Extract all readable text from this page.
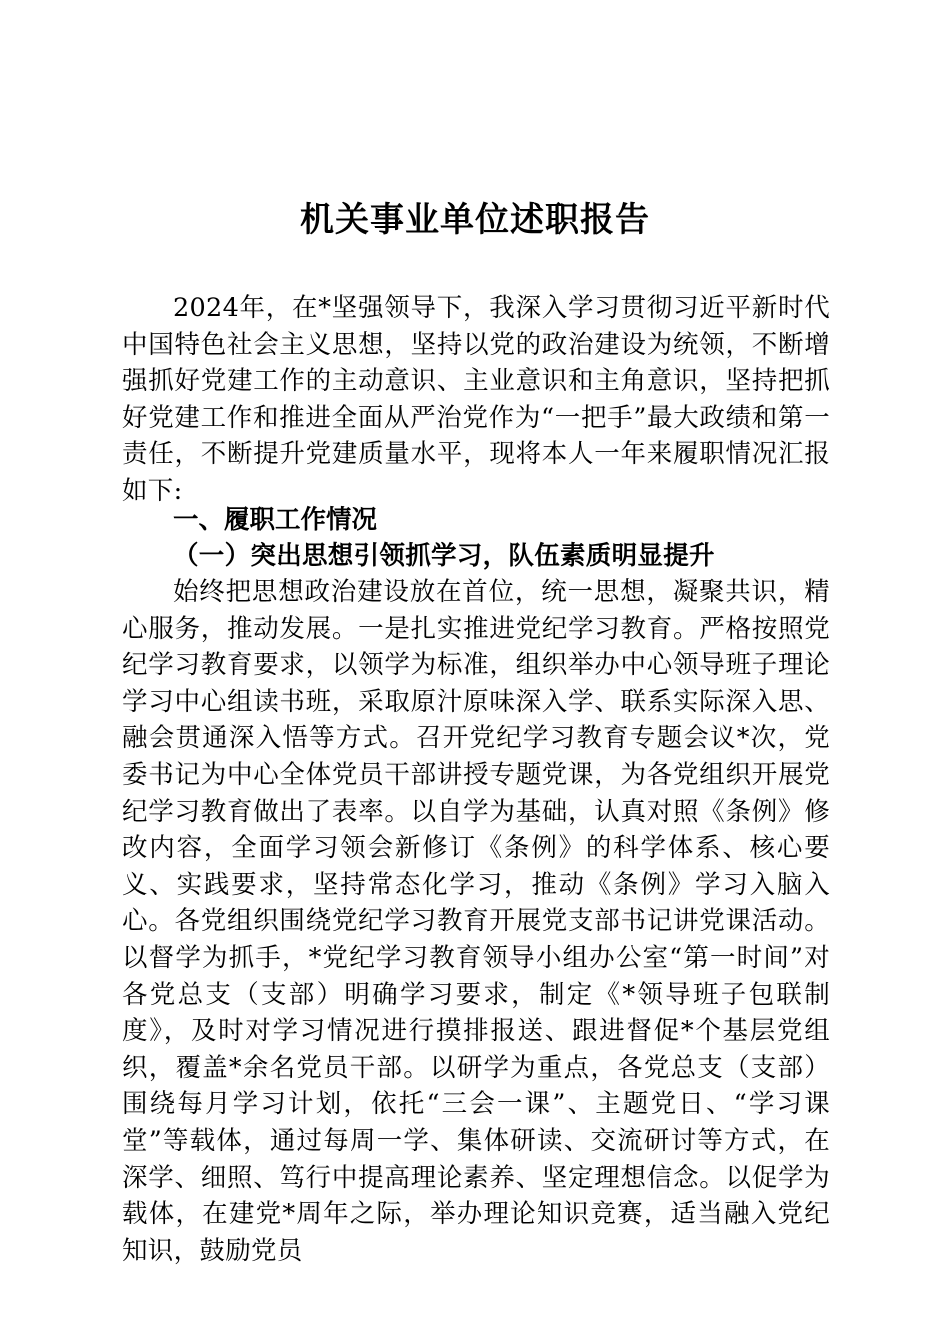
机关事业单位述职报告

2024年，在*坚强领导下，我深入学习贯彻习近平新时代中国特色社会主义思想，坚持以党的政治建设为统领，不断增强抓好党建工作的主动意识、主业意识和主角意识，坚持把抓好党建工作和推进全面从严治党作为“一把手”最大政绩和第一责任，不断提升党建质量水平，现将本人一年来履职情况汇报如下:

一、履职工作情况
（一）突出思想引领抓学习，队伍素质明显提升

始终把思想政治建设放在首位，统一思想，凝聚共识，精心服务，推动发展。一是扎实推进党纪学习教育。严格按照党纪学习教育要求，以领学为标准，组织举办中心领导班子理论学习中心组读书班，采取原汁原味深入学、联系实际深入思、融会贯通深入悟等方式。召开党纪学习教育专题会议*次，党委书记为中心全体党员干部讲授专题党课，为各党组织开展党纪学习教育做出了表率。以自学为基础，认真对照《条例》修改内容，全面学习领会新修订《条例》的科学体系、核心要义、实践要求，坚持常态化学习，推动《条例》学习入脑入心。各党组织围绕党纪学习教育开展党支部书记讲党课活动。以督学为抓手，*党纪学习教育领导小组办公室“第一时间”对各党总支（支部）明确学习要求，制定《*领导班子包联制度》，及时对学习情况进行摸排报送、跟进督促*个基层党组织，覆盖*余名党员干部。以研学为重点，各党总支（支部）围绕每月学习计划，依托“三会一课”、主题党日、“学习课堂”等载体，通过每周一学、集体研读、交流研讨等方式，在深学、细照、笃行中提高理论素养、坚定理想信念。以促学为载体，在建党*周年之际，举办理论知识竞赛，适当融入党纪知识，鼓励党员
